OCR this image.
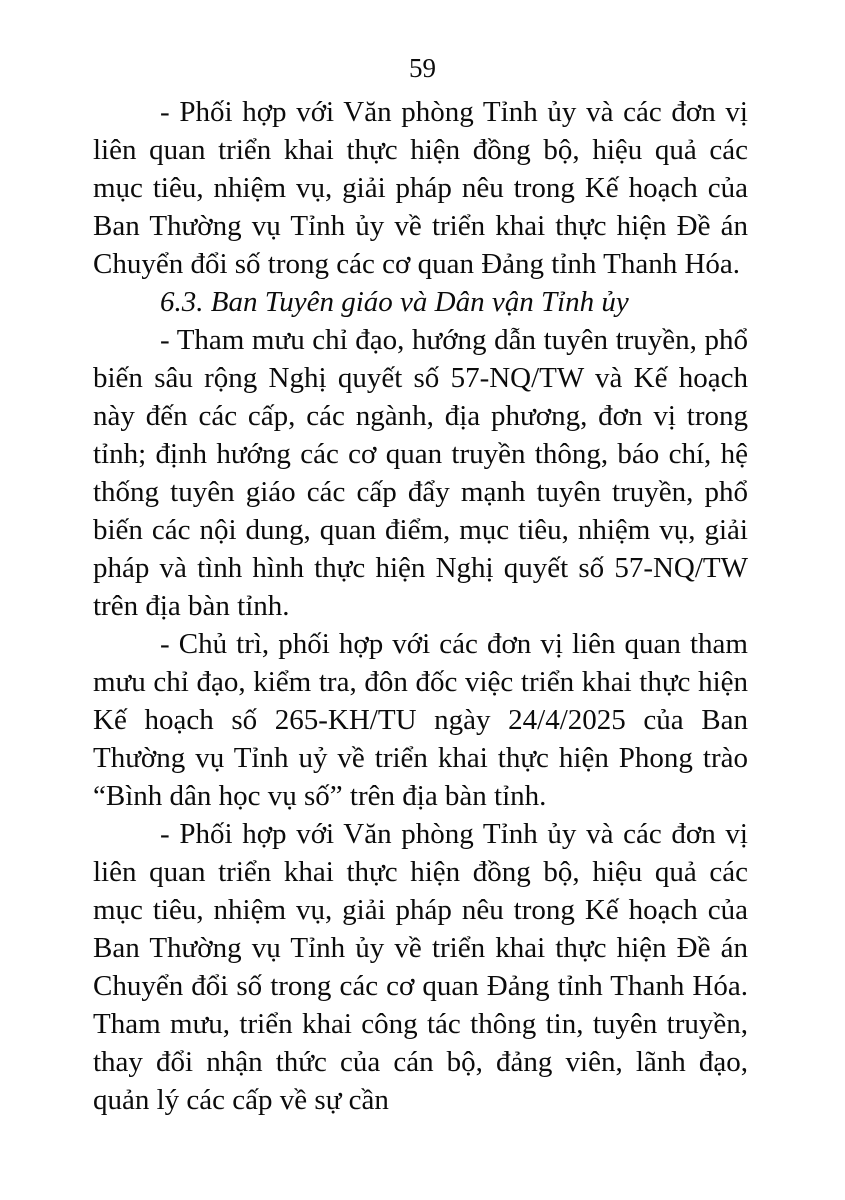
59

- Phối hợp với Văn phòng Tỉnh ủy và các đơn vị liên quan triển khai thực hiện đồng bộ, hiệu quả các mục tiêu, nhiệm vụ, giải pháp nêu trong Kế hoạch của Ban Thường vụ Tỉnh ủy về triển khai thực hiện Đề án Chuyển đổi số trong các cơ quan Đảng tỉnh Thanh Hóa.

6.3. Ban Tuyên giáo và Dân vận Tỉnh ủy

- Tham mưu chỉ đạo, hướng dẫn tuyên truyền, phổ biến sâu rộng Nghị quyết số 57-NQ/TW và Kế hoạch này đến các cấp, các ngành, địa phương, đơn vị trong tỉnh; định hướng các cơ quan truyền thông, báo chí, hệ thống tuyên giáo các cấp đẩy mạnh tuyên truyền, phổ biến các nội dung, quan điểm, mục tiêu, nhiệm vụ, giải pháp và tình hình thực hiện Nghị quyết số 57-NQ/TW trên địa bàn tỉnh.

- Chủ trì, phối hợp với các đơn vị liên quan tham mưu chỉ đạo, kiểm tra, đôn đốc việc triển khai thực hiện Kế hoạch số 265-KH/TU ngày 24/4/2025 của Ban Thường vụ Tỉnh uỷ về triển khai thực hiện Phong trào “Bình dân học vụ số” trên địa bàn tỉnh.

- Phối hợp với Văn phòng Tỉnh ủy và các đơn vị liên quan triển khai thực hiện đồng bộ, hiệu quả các mục tiêu, nhiệm vụ, giải pháp nêu trong Kế hoạch của Ban Thường vụ Tỉnh ủy về triển khai thực hiện Đề án Chuyển đổi số trong các cơ quan Đảng tỉnh Thanh Hóa. Tham mưu, triển khai công tác thông tin, tuyên truyền, thay đổi nhận thức của cán bộ, đảng viên, lãnh đạo, quản lý các cấp về sự cần
